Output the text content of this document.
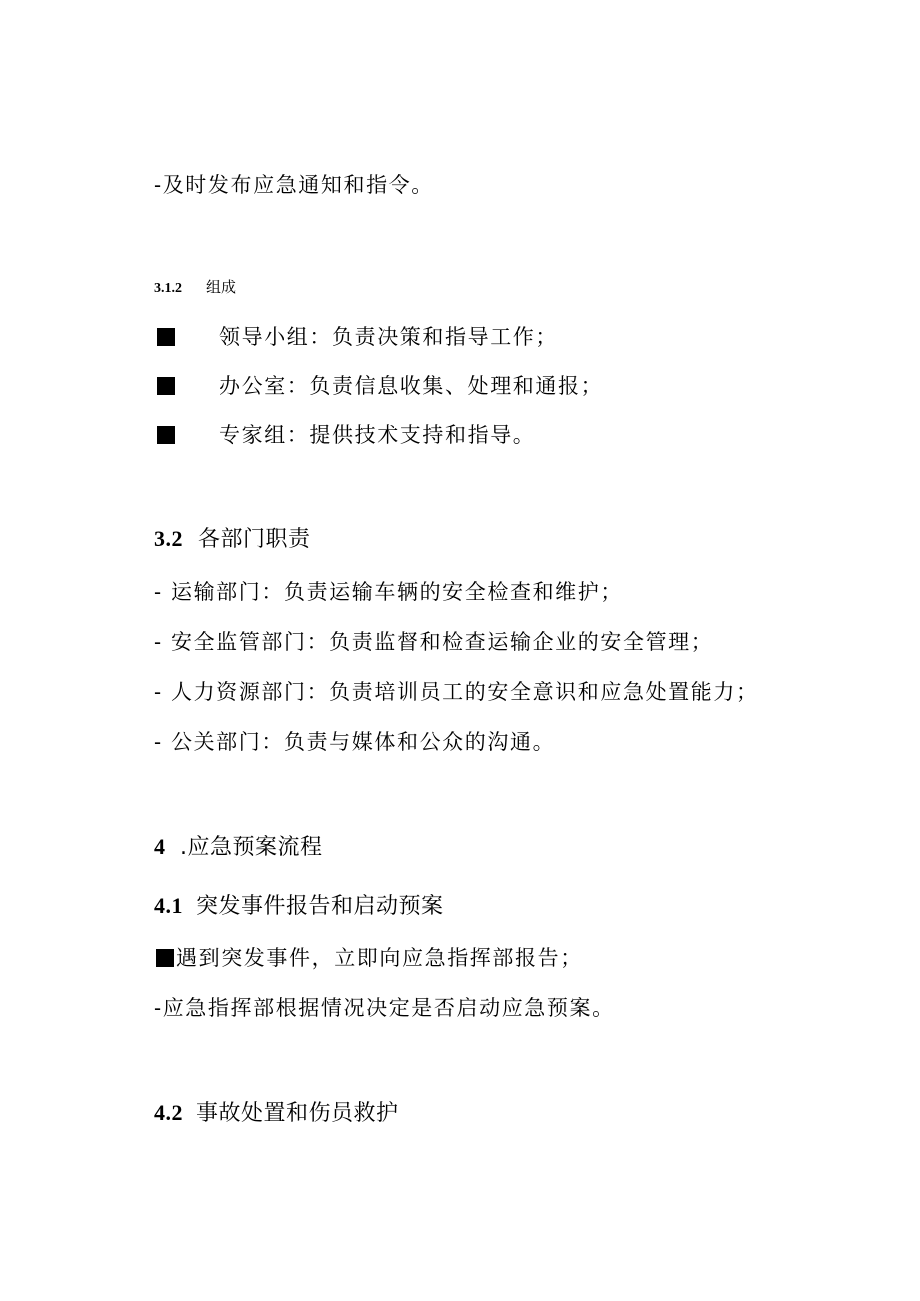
-及时发布应急通知和指令。
3.1.2 组成
领导小组：负责决策和指导工作；
办公室：负责信息收集、处理和通报；
专家组：提供技术支持和指导。
3.2 各部门职责
- 运输部门：负责运输车辆的安全检查和维护；
- 安全监管部门：负责监督和检查运输企业的安全管理；
- 人力资源部门：负责培训员工的安全意识和应急处置能力；
- 公关部门：负责与媒体和公众的沟通。
4 .应急预案流程
4.1 突发事件报告和启动预案
遇到突发事件，立即向应急指挥部报告；
-应急指挥部根据情况决定是否启动应急预案。
4.2 事故处置和伤员救护
